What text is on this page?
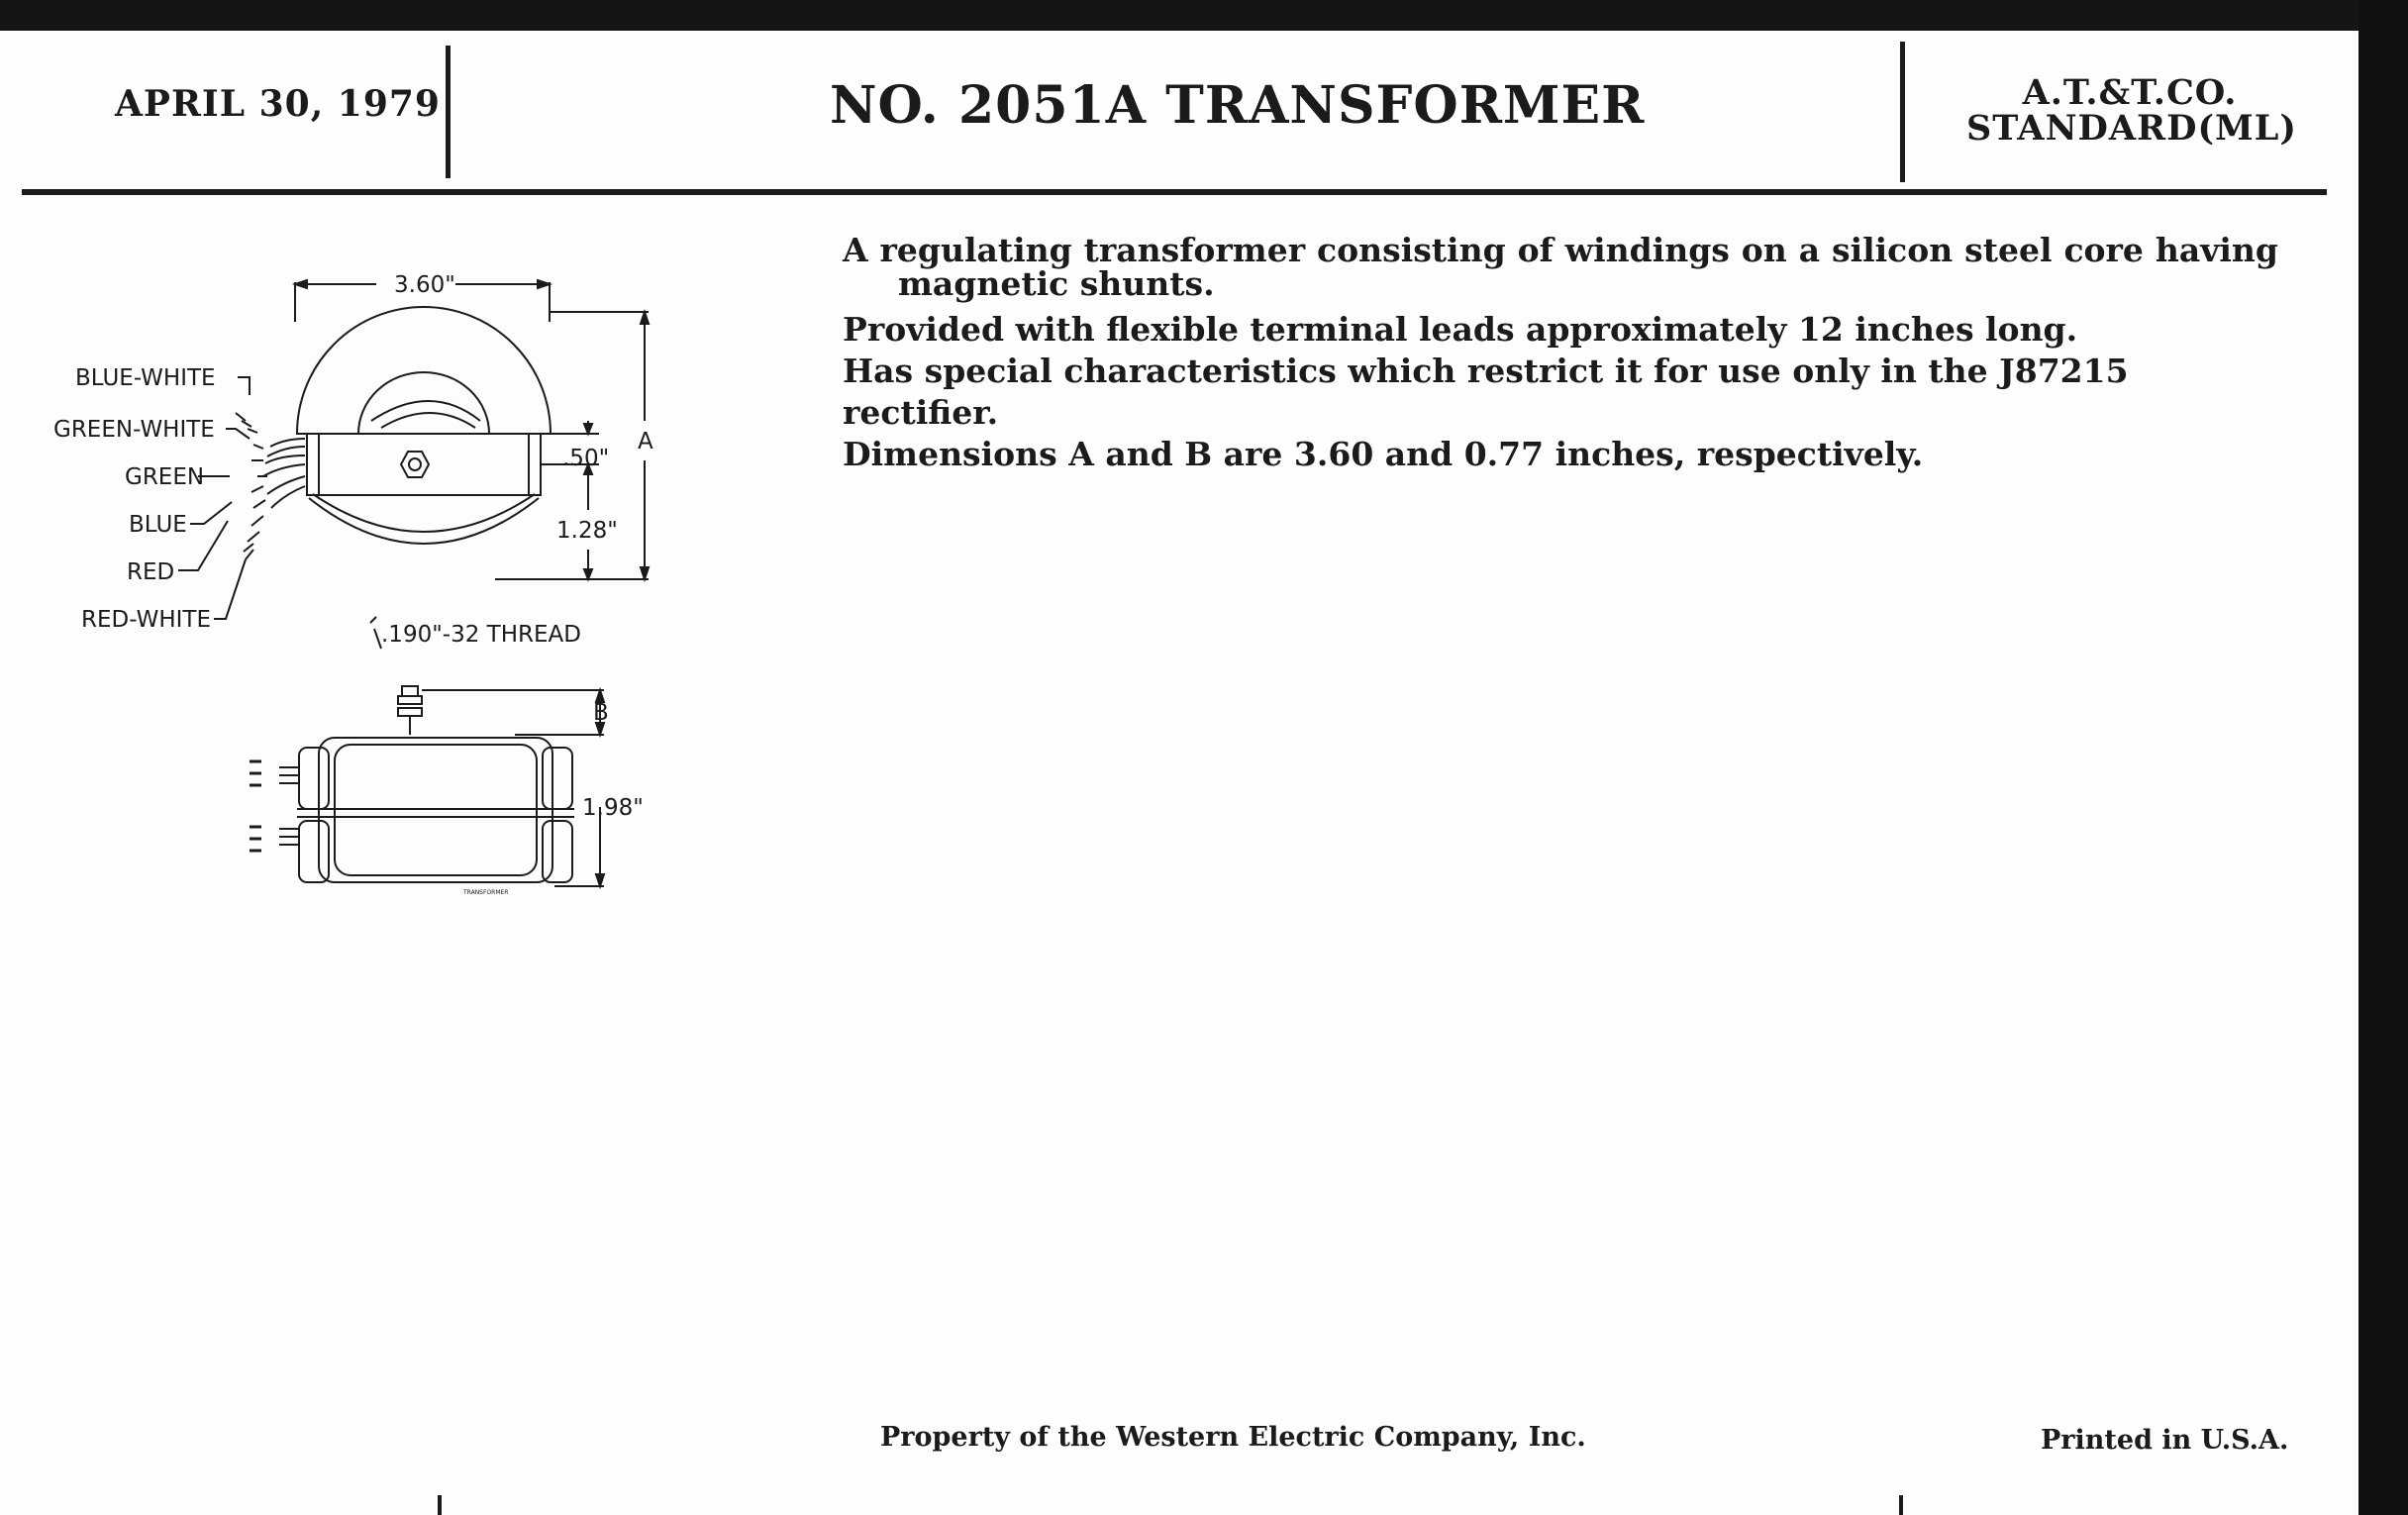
APRIL 30, 1979	NO. 2051A TRANSFORMER	A.T.&T.CO.
STANDARD(ML)

A regulating transformer consisting of windings on a silicon steel core having magnetic shunts.

Provided with flexible terminal leads approximately 12 inches long.

Has special characteristics which restrict it for use only in the J87215 rectifier.

Dimensions A and B are 3.60 and 0.77 inches, respectively.

3.60"
A
.50"
1.28"
BLUE-WHITE
GREEN-WHITE
GREEN
BLUE
RED
RED-WHITE
.190"-32 THREAD
B
1.98"
TRANSFORMER
Property of the Western Electric Company, Inc.	Printed in U.S.A.
